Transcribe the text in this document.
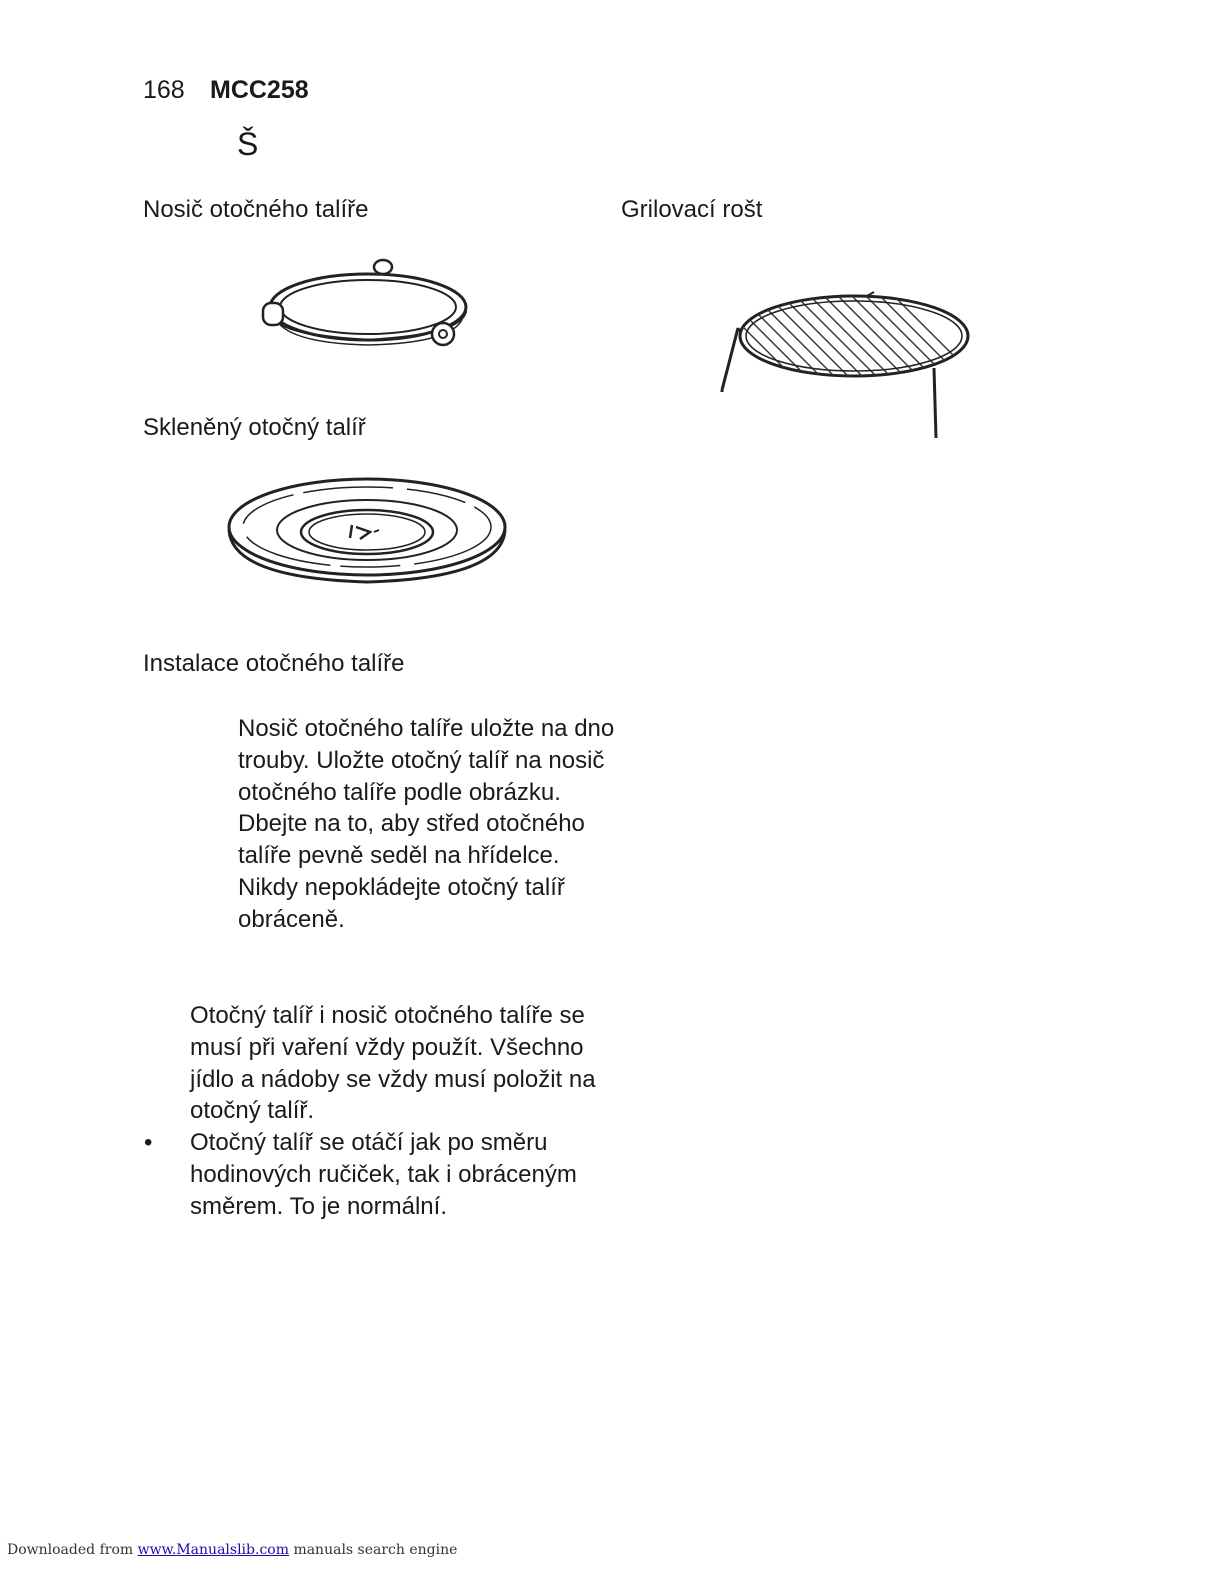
168 MCC258
Š
Nosič otočného talíře	Grilovací rošt
Skleněný otočný talíř
Instalace otočného talíře
Nosič otočného talíře uložte na dno trouby. Uložte otočný talíř na nosič otočného talíře podle obrázku. Dbejte na to, aby střed otočného talíře pevně seděl na hřídelce. Nikdy nepokládejte otočný talíř obráceně.

Otočný talíř i nosič otočného talíře se musí při vaření vždy použít. Všechno jídlo a nádoby se vždy musí položit na otočný talíř.

• Otočný talíř se otáčí jak po směru hodinových ručiček, tak i obráceným směrem. To je normální.

Downloaded from www.Manualslib.com manuals search engine
